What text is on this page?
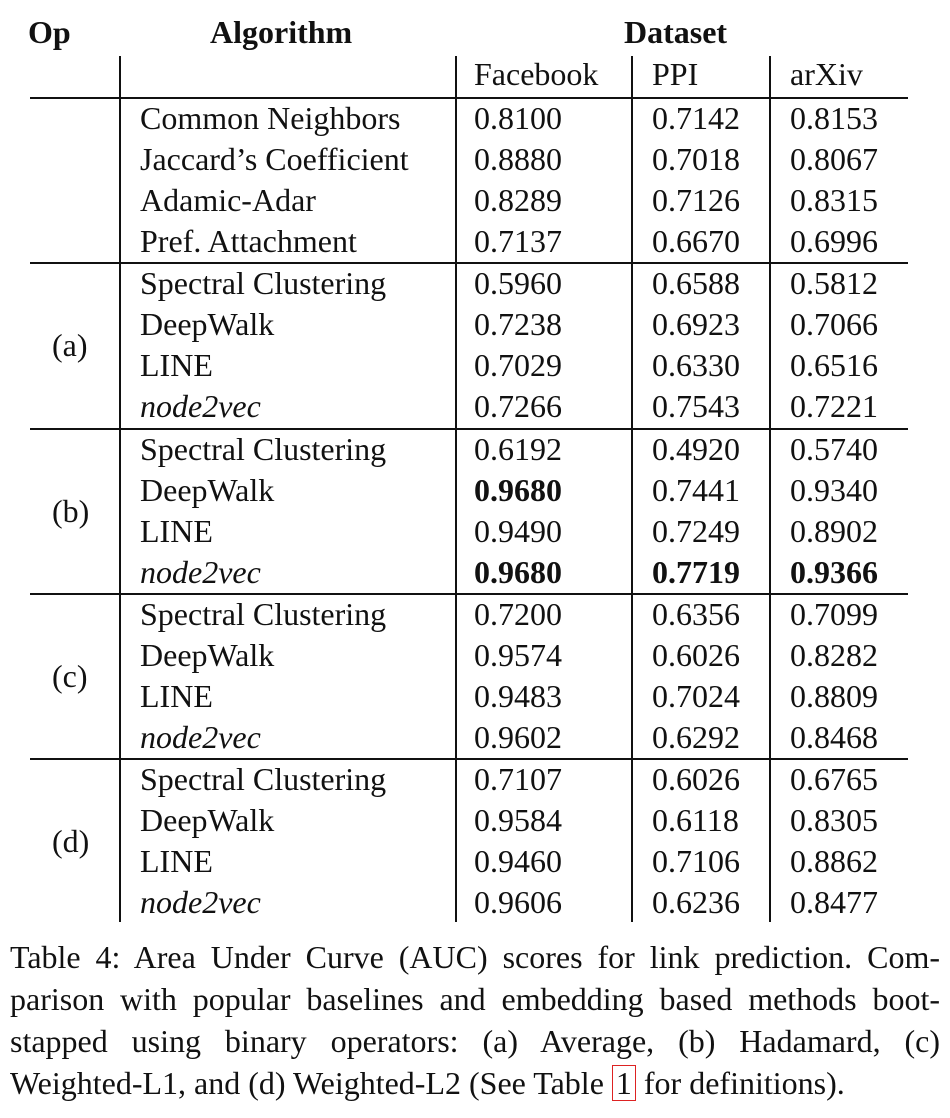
Op	Algorithm	Dataset
Facebook PPI	arXiv
Common Neighbors 0.8100	0.7142 0.8153
Jaccard’s Coefficient 0.8880	0.7018 0.8067
Adamic-Adar	0.8289	0.7126 0.8315
Pref. Attachment	0.7137	0.6670 0.6996
(a)
Spectral Clustering	0.5960	0.6588 0.5812
DeepWalk	0.7238	0.6923 0.7066
LINE	0.7029	0.6330 0.6516
node2vec	0.7266	0.7543 0.7221
(b)
Spectral Clustering	0.6192	0.4920 0.5740
DeepWalk	0.9680	0.7441 0.9340
LINE	0.9490	0.7249 0.8902
node2vec	0.9680	0.7719 0.9366
(c)
Spectral Clustering	0.7200	0.6356 0.7099
DeepWalk	0.9574	0.6026 0.8282
LINE	0.9483	0.7024 0.8809
node2vec	0.9602	0.6292 0.8468
(d)
Spectral Clustering	0.7107	0.6026 0.6765
DeepWalk	0.9584	0.6118 0.8305
LINE	0.9460	0.7106 0.8862
node2vec	0.9606	0.6236 0.8477
Table 4: Area Under Curve (AUC) scores for link prediction. Com-
parison with popular baselines and embedding based methods boot-
stapped using binary operators: (a) Average, (b) Hadamard, (c)
Weighted-L1, and (d) Weighted-L2 (See Table 1 for definitions).
